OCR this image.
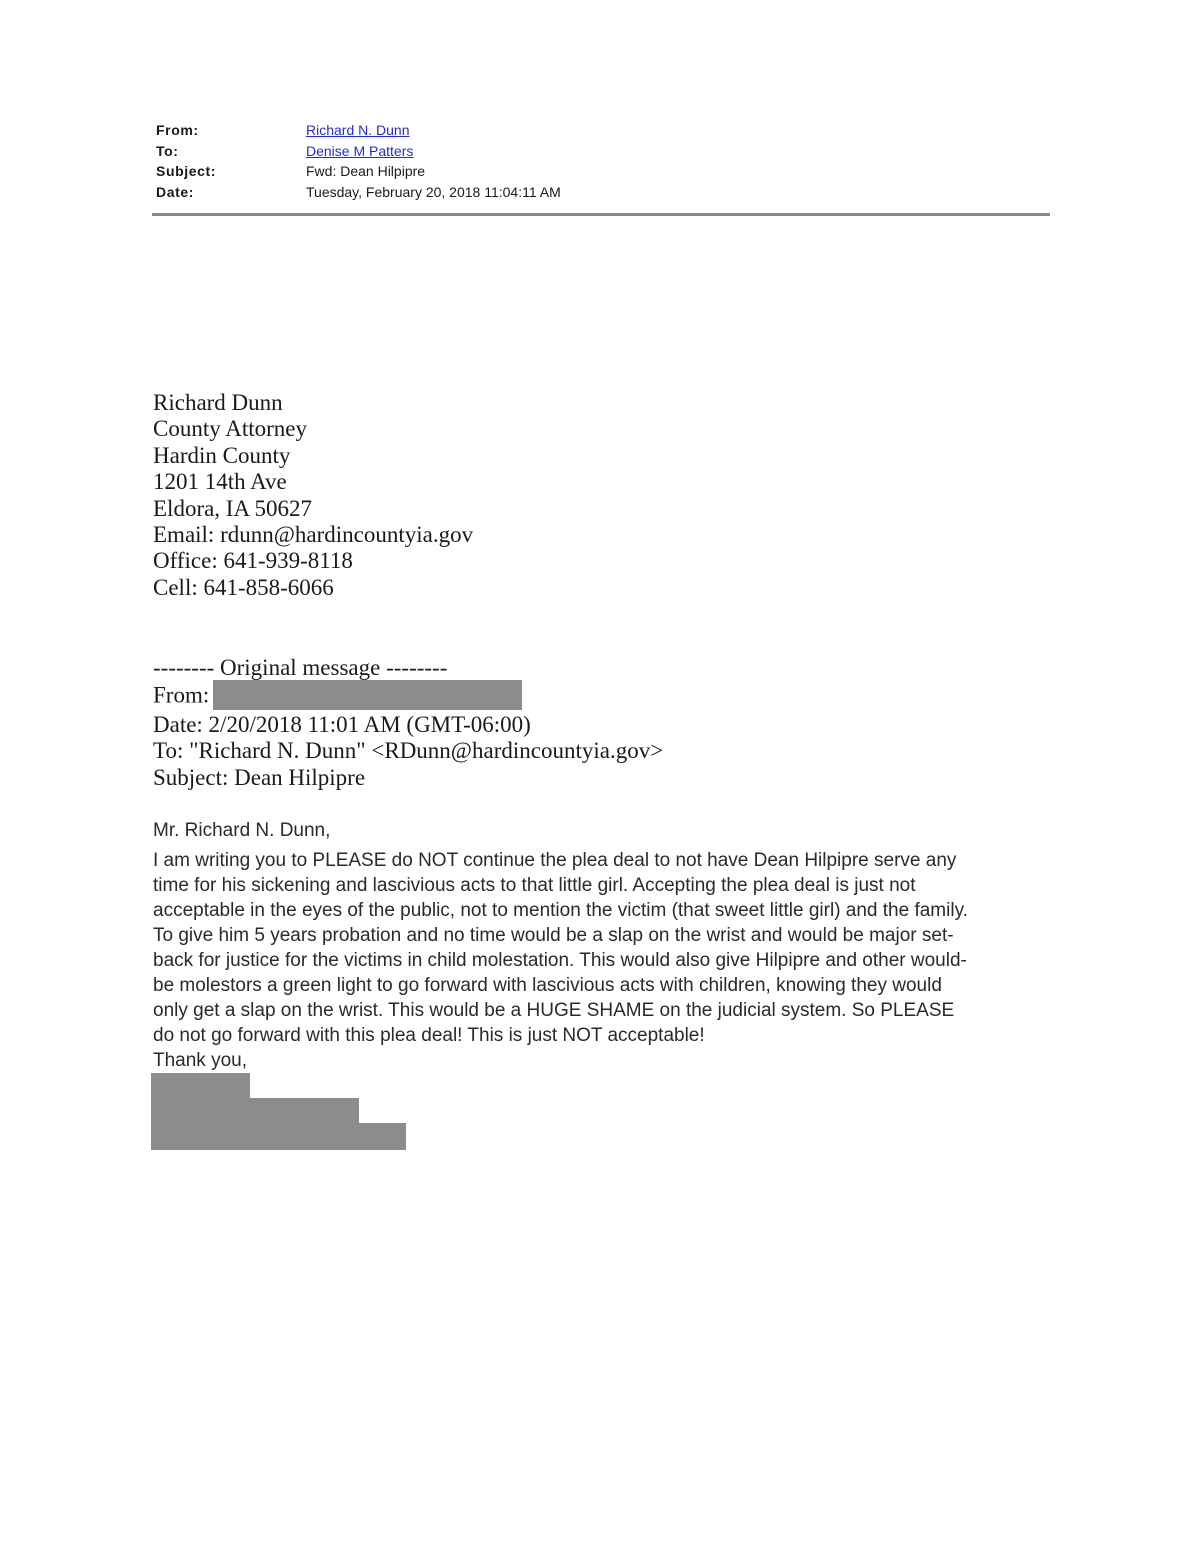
From:	Richard N. Dunn
To:	Denise M Patters
Subject:	Fwd: Dean Hilpipre
Date:	Tuesday, February 20, 2018 11:04:11 AM
Richard Dunn
County Attorney
Hardin County
1201 14th Ave
Eldora, IA 50627
Email: rdunn@hardincountyia.gov
Office: 641-939-8118
Cell: 641-858-6066
-------- Original message --------
From:
Date: 2/20/2018 11:01 AM (GMT-06:00)
To: "Richard N. Dunn" <RDunn@hardincountyia.gov>
Subject: Dean Hilpipre

Mr. Richard N. Dunn,

I am writing you to PLEASE do NOT continue the plea deal to not have Dean Hilpipre serve any

time for his sickening and lascivious acts to that little girl. Accepting the plea deal is just not

acceptable in the eyes of the public, not to mention the victim (that sweet little girl) and the family.

To give him 5 years probation and no time would be a slap on the wrist and would be major set-

back for justice for the victims in child molestation. This would also give Hilpipre and other would-

be molestors a green light to go forward with lascivious acts with children, knowing they would

only get a slap on the wrist. This would be a HUGE SHAME on the judicial system. So PLEASE

do not go forward with this plea deal! This is just NOT acceptable!

Thank you,
